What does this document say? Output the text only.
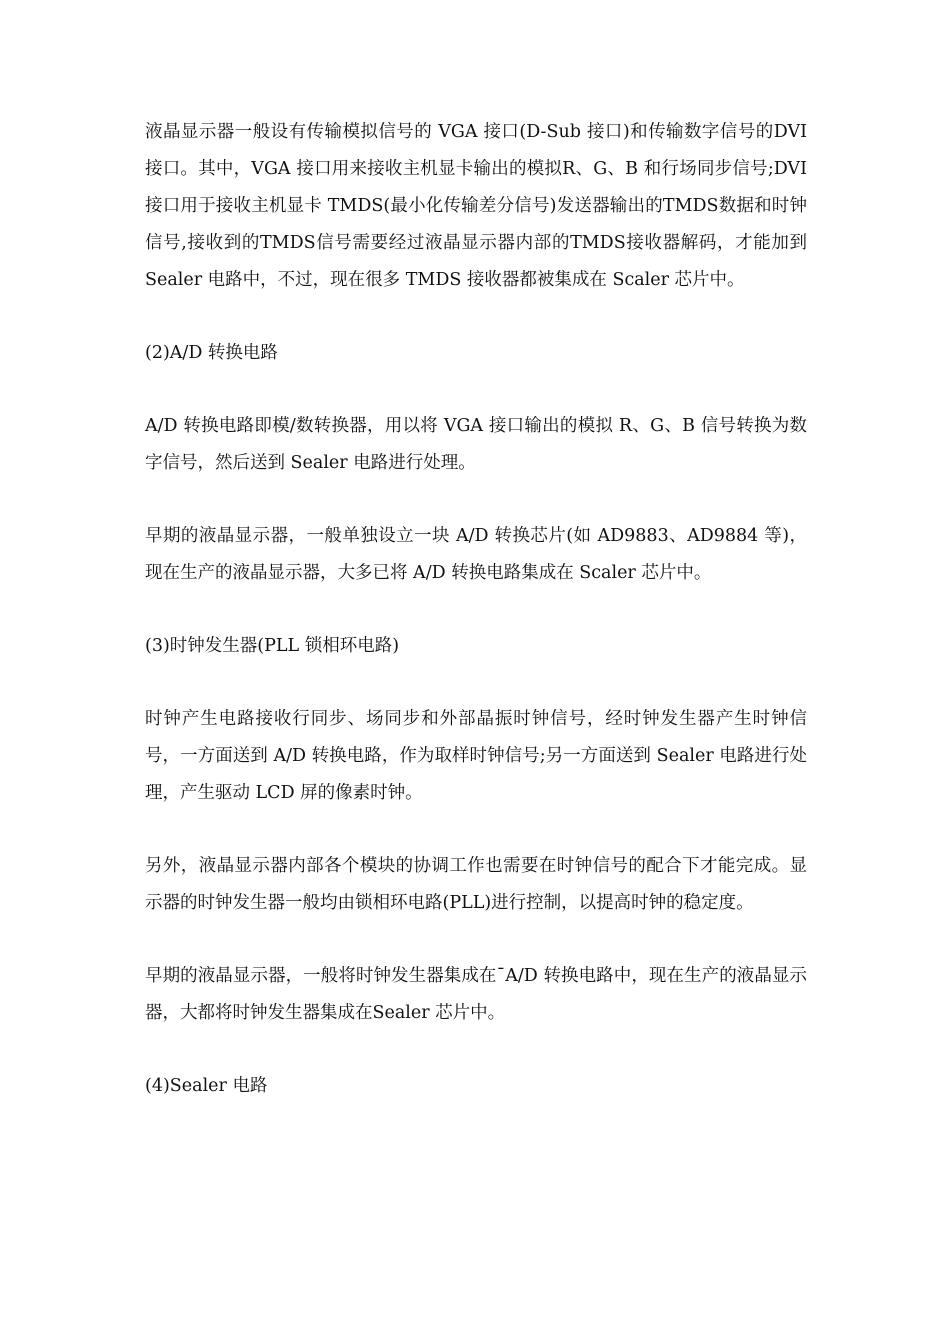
液晶显示器一般设有传输模拟信号的 VGA 接口(D-Sub 接口)和传输数字信号的DVI 接口。其中，VGA 接口用来接收主机显卡输出的模拟R、G、B 和行场同步信号;DVI 接口用于接收主机显卡 TMDS(最小化传输差分信号)发送器输出的TMDS数据和时钟信号,接收到的TMDS信号需要经过液晶显示器内部的TMDS接收器解码，才能加到 Sealer 电路中，不过，现在很多 TMDS 接收器都被集成在 Scaler 芯片中。

(2)A/D 转换电路

A/D 转换电路即模/数转换器，用以将 VGA 接口输出的模拟 R、G、B 信号转换为数字信号，然后送到 Sealer 电路进行处理。

早期的液晶显示器，一般单独设立一块 A/D 转换芯片(如 AD9883、AD9884 等)，现在生产的液晶显示器，大多已将 A/D 转换电路集成在 Scaler 芯片中。

(3)时钟发生器(PLL 锁相环电路)

时钟产生电路接收行同步、场同步和外部晶振时钟信号，经时钟发生器产生时钟信号，一方面送到 A/D 转换电路，作为取样时钟信号;另一方面送到 Sealer 电路进行处理，产生驱动 LCD 屏的像素时钟。

另外，液晶显示器内部各个模块的协调工作也需要在时钟信号的配合下才能完成。显示器的时钟发生器一般均由锁相环电路(PLL)进行控制，以提高时钟的稳定度。

早期的液晶显示器，一般将时钟发生器集成在¯A/D 转换电路中，现在生产的液晶显示器，大都将时钟发生器集成在Sealer 芯片中。

(4)Sealer 电路
